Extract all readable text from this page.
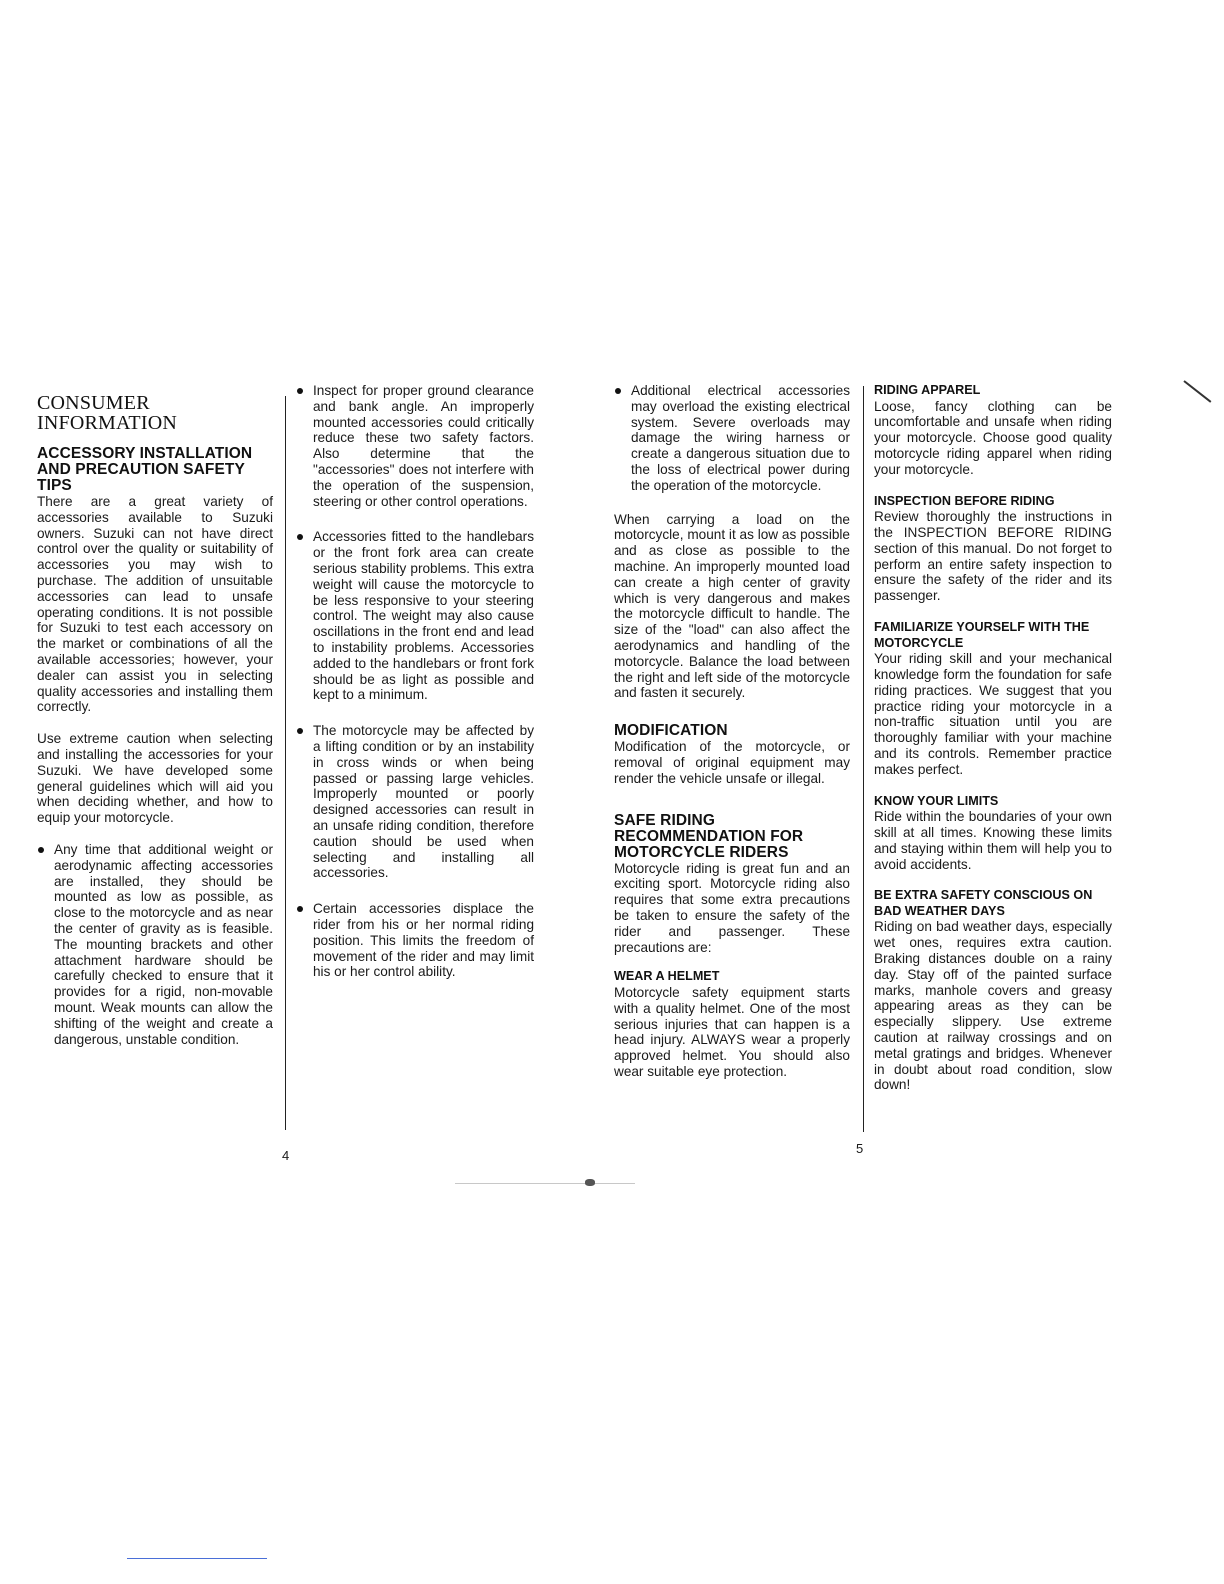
CONSUMER
INFORMATION
ACCESSORY INSTALLATION AND PRECAUTION SAFETY TIPS

There are a great variety of accessories available to Suzuki owners. Suzuki can not have direct control over the quality or suitability of accessories you may wish to purchase. The addition of unsuitable accessories can lead to unsafe operating conditions. It is not possible for Suzuki to test each accessory on the market or combinations of all the available accessories; however, your dealer can assist you in selecting quality accessories and installing them correctly.

Use extreme caution when selecting and installing the accessories for your Suzuki. We have developed some general guidelines which will aid you when deciding whether, and how to equip your motorcycle.

Any time that additional weight or aerodynamic affecting accessories are installed, they should be mounted as low as possible, as close to the motorcycle and as near the center of gravity as is feasible. The mounting brackets and other attachment hardware should be carefully checked to ensure that it provides for a rigid, non-movable mount. Weak mounts can allow the shifting of the weight and create a dangerous, unstable condition.
Inspect for proper ground clearance and bank angle. An improperly mounted accessories could critically reduce these two safety factors. Also determine that the "accessories" does not interfere with the operation of the suspension, steering or other control operations.
Accessories fitted to the handlebars or the front fork area can create serious stability problems. This extra weight will cause the motorcycle to be less responsive to your steering control. The weight may also cause oscillations in the front end and lead to instability problems. Accessories added to the handlebars or front fork should be as light as possible and kept to a minimum.
The motorcycle may be affected by a lifting condition or by an instability in cross winds or when being passed or passing large vehicles. Improperly mounted or poorly designed accessories can result in an unsafe riding condition, therefore caution should be used when selecting and installing all accessories.
Certain accessories displace the rider from his or her normal riding position. This limits the freedom of movement of the rider and may limit his or her control ability.
Additional electrical accessories may overload the existing electrical system. Severe overloads may damage the wiring harness or create a dangerous situation due to the loss of electrical power during the operation of the motorcycle.

When carrying a load on the motorcycle, mount it as low as possible and as close as possible to the machine. An improperly mounted load can create a high center of gravity which is very dangerous and makes the motorcycle difficult to handle. The size of the "load" can also affect the aerodynamics and handling of the motorcycle. Balance the load between the right and left side of the motorcycle and fasten it securely.

MODIFICATION

Modification of the motorcycle, or removal of original equipment may render the vehicle unsafe or illegal.

SAFE RIDING RECOMMENDATION FOR MOTORCYCLE RIDERS

Motorcycle riding is great fun and an exciting sport. Motorcycle riding also requires that some extra precautions be taken to ensure the safety of the rider and passenger. These precautions are:

WEAR A HELMET

Motorcycle safety equipment starts with a quality helmet. One of the most serious injuries that can happen is a head injury. ALWAYS wear a properly approved helmet. You should also wear suitable eye protection.

RIDING APPAREL

Loose, fancy clothing can be uncomfortable and unsafe when riding your motorcycle. Choose good quality motorcycle riding apparel when riding your motorcycle.

INSPECTION BEFORE RIDING

Review thoroughly the instructions in the INSPECTION BEFORE RIDING section of this manual. Do not forget to perform an entire safety inspection to ensure the safety of the rider and its passenger.

FAMILIARIZE YOURSELF WITH THE MOTORCYCLE

Your riding skill and your mechanical knowledge form the foundation for safe riding practices. We suggest that you practice riding your motorcycle in a non-traffic situation until you are thoroughly familiar with your machine and its controls. Remember practice makes perfect.

KNOW YOUR LIMITS

Ride within the boundaries of your own skill at all times. Knowing these limits and staying within them will help you to avoid accidents.

BE EXTRA SAFETY CONSCIOUS ON BAD WEATHER DAYS

Riding on bad weather days, especially wet ones, requires extra caution. Braking distances double on a rainy day. Stay off of the painted surface marks, manhole covers and greasy appearing areas as they can be especially slippery. Use extreme caution at railway crossings and on metal gratings and bridges. Whenever in doubt about road condition, slow down!

4	5
